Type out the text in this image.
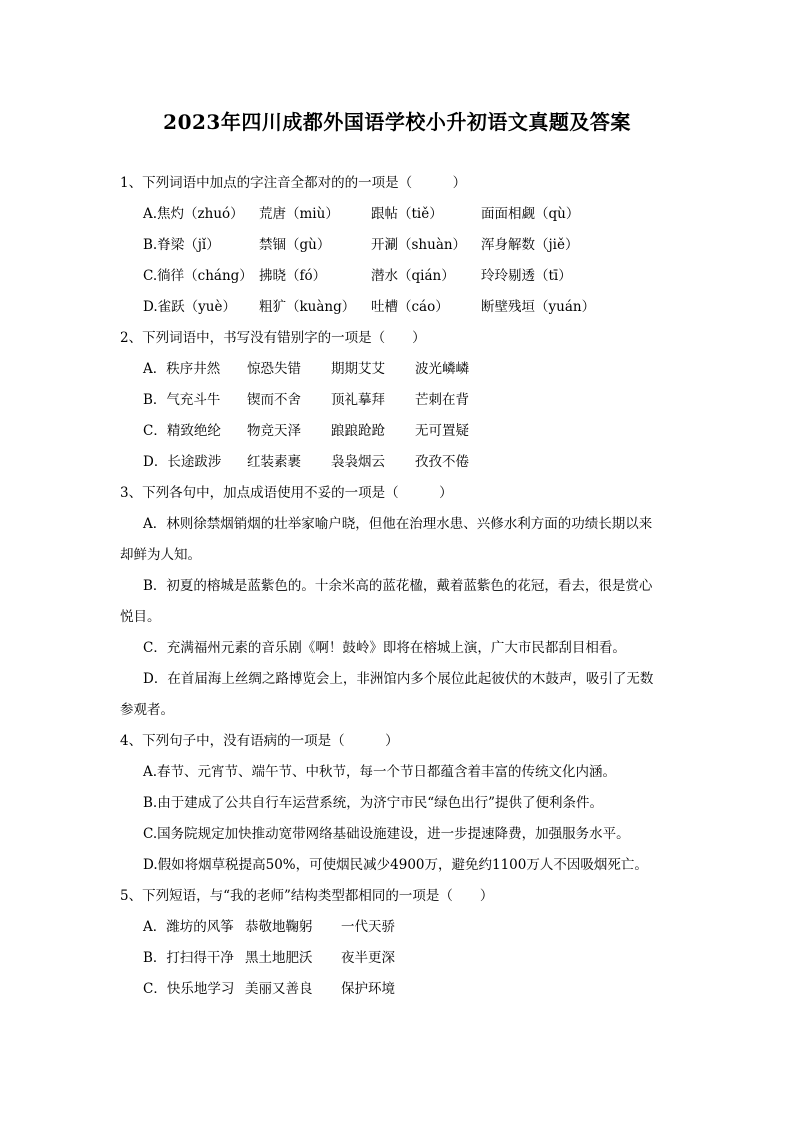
2023年四川成都外国语学校小升初语文真题及答案
1、下列词语中加点的字注音全都对的的一项是（　　　）
A.焦灼（zhuó） 荒唐（miù） 跟帖（tiě）	面面相觑（qù）
B.脊梁（jǐ）	禁锢（gù）	开涮（shuàn） 浑身解数（jiě）
C.徜徉（cháng） 拂晓（fó）	潜水（qián） 玲玲剔透（tī）
D.雀跃（yuè） 粗犷（kuàng） 吐槽（cáo） 断壁残垣（yuán）
2、下列词语中，书写没有错别字的一项是（　　）
A．秩序井然 惊恐失错 期期艾艾 波光嶙嶙
B．气充斗牛 锲而不舍 顶礼摹拜 芒刺在背
C．精致绝纶 物竞天泽 踉踉跄跄 无可置疑
D．长途跋涉 红装素裹 袅袅烟云 孜孜不倦
3、下列各句中，加点成语使用不妥的一项是（　　　）
A．林则徐禁烟销烟的壮举家喻户晓，但他在治理水患、兴修水利方面的功绩长期以来
却鲜为人知。
B．初夏的榕城是蓝紫色的。十余米高的蓝花楹，戴着蓝紫色的花冠，看去，很是赏心
悦目。
C．充满福州元素的音乐剧《啊！鼓岭》即将在榕城上演，广大市民都刮目相看。
D．在首届海上丝绸之路博览会上，非洲馆内多个展位此起彼伏的木鼓声，吸引了无数
参观者。
4、下列句子中，没有语病的一项是（　　　）
A.春节、元宵节、端午节、中秋节，每一个节日都蕴含着丰富的传统文化内涵。
B.由于建成了公共自行车运营系统，为济宁市民“绿色出行”提供了便利条件。
C.国务院规定加快推动宽带网络基础设施建设，进一步提速降费，加强服务水平。
D.假如将烟草税提高50%，可使烟民减少4900万，避免约1100万人不因吸烟死亡。
5、下列短语，与“我的老师”结构类型都相同的一项是（　　）
A．潍坊的风筝 恭敬地鞠躬 一代天骄
B．打扫得干净 黑土地肥沃 夜半更深
C．快乐地学习 美丽又善良 保护环境
